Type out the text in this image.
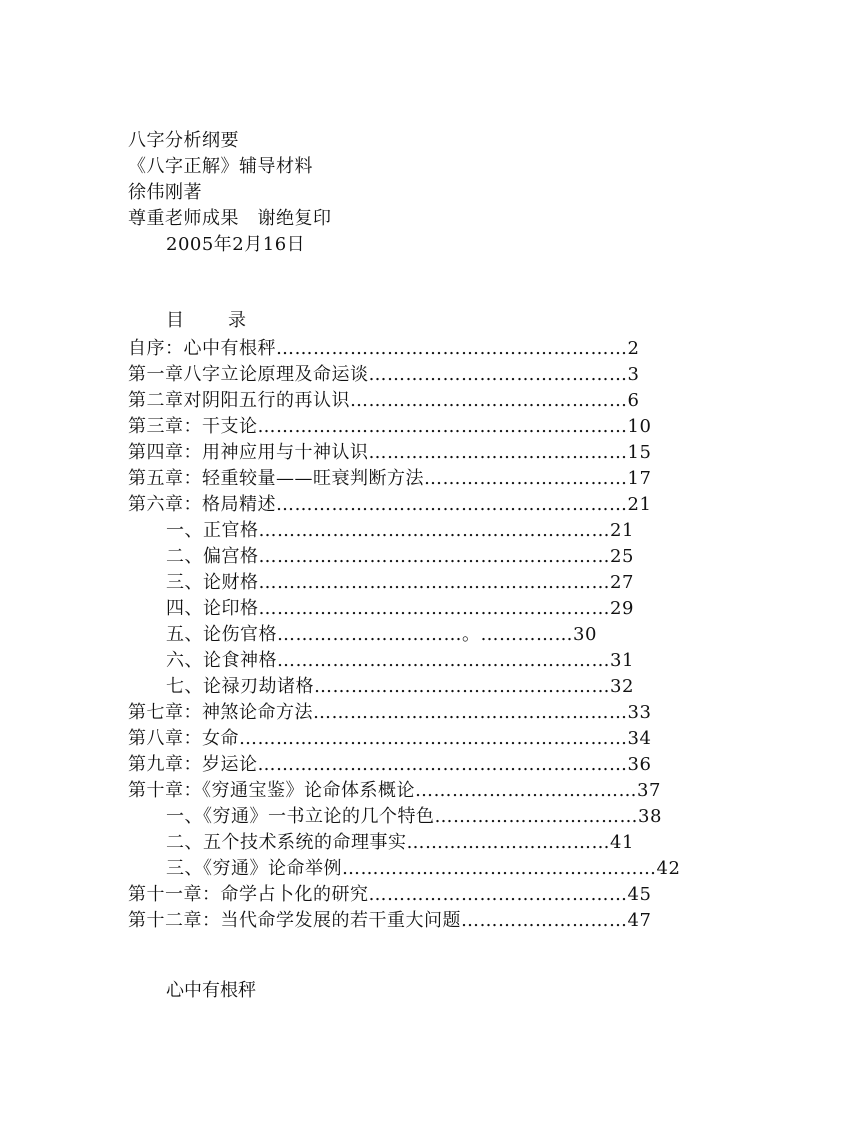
八字分析纲要
《八字正解》辅导材料
徐伟刚著
尊重老师成果　谢绝复印
2005年2月16日
目 录
自序：心中有根秤…………………………………………………2
第一章八字立论原理及命运谈……………………………………3
第二章对阴阳五行的再认识………………………………………6
第三章：干支论……………………………………………………10
第四章：用神应用与十神认识……………………………………15
第五章：轻重较量——旺衰判断方法……………………………17
第六章：格局精述…………………………………………………21
一、正官格…………………………………………………21
二、偏宫格…………………………………………………25
三、论财格…………………………………………………27
四、论印格…………………………………………………29
五、论伤官格…………………………。……………30
六、论食神格………………………………………………31
七、论禄刃劫诸格…………………………………………32
第七章：神煞论命方法……………………………………………33
第八章：女命………………………………………………………34
第九章：岁运论……………………………………………………36
第十章：《穷通宝鉴》论命体系概论………………………………37
一、《穷通》一书立论的几个特色……………………………38
二、五个技术系统的命理事实……………………………41
三、《穷通》论命举例……………………………………………42
第十一章：命学占卜化的研究……………………………………45
第十二章：当代命学发展的若干重大问题………………………47
心中有根秤
